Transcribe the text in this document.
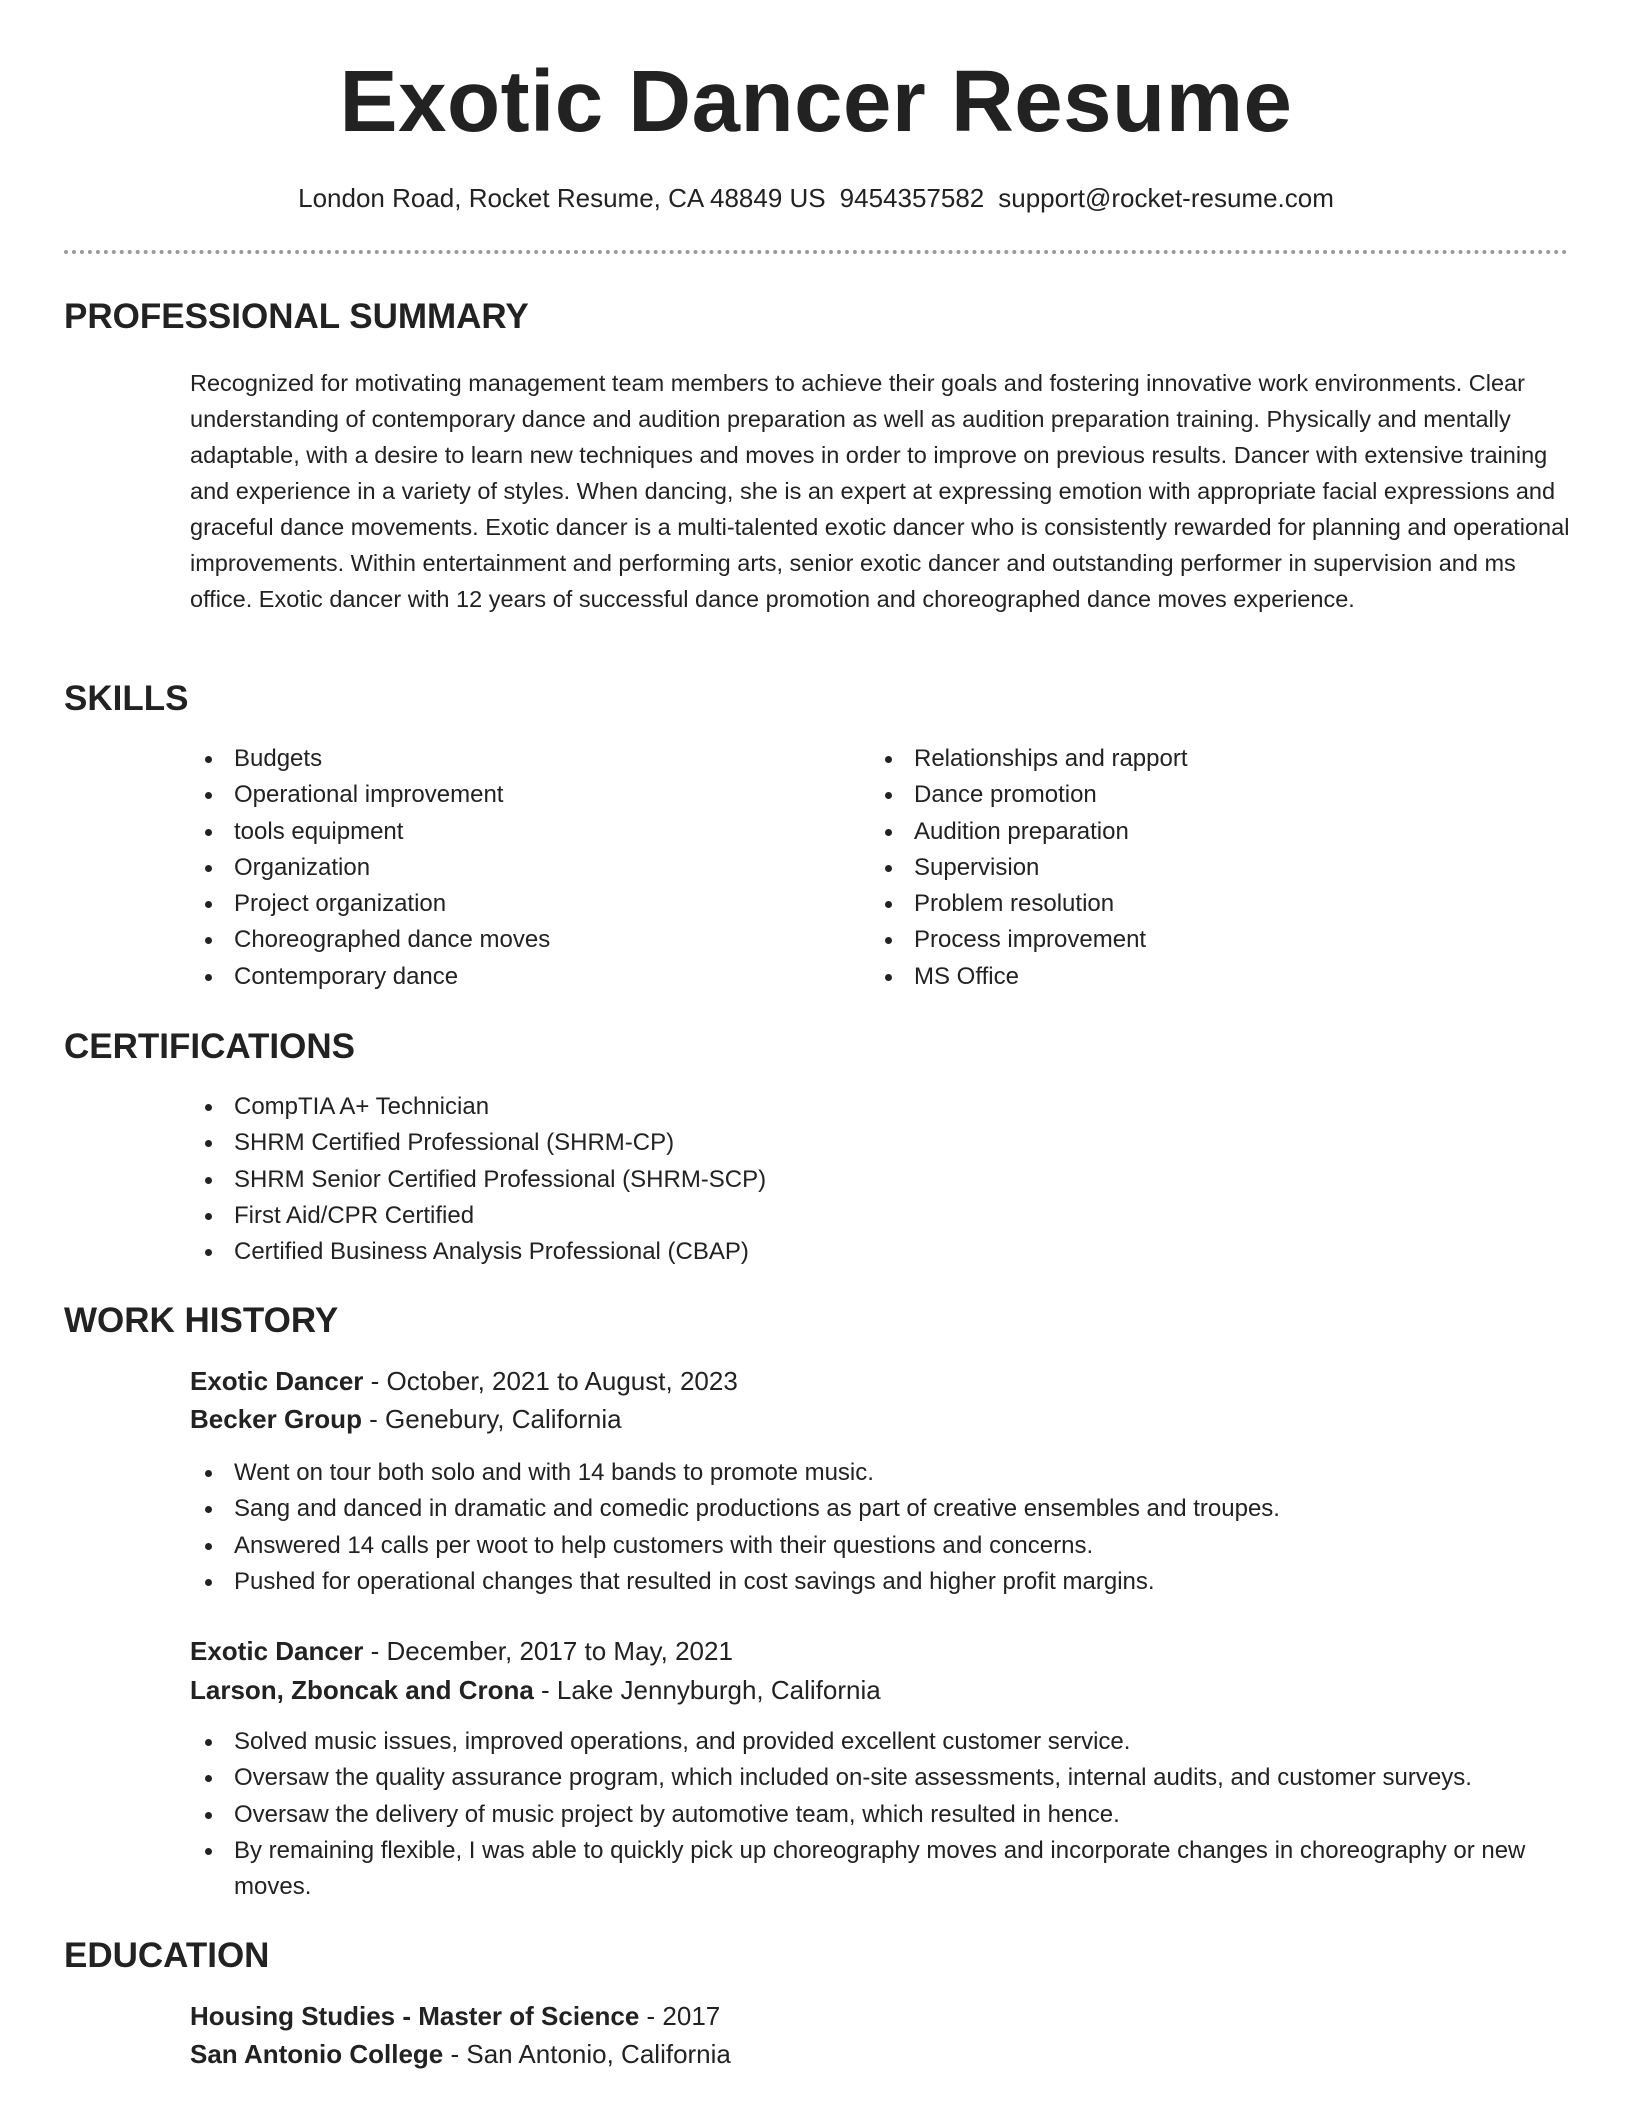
Exotic Dancer Resume
London Road, Rocket Resume, CA 48849 US 9454357582 support@rocket-resume.com
PROFESSIONAL SUMMARY

Recognized for motivating management team members to achieve their goals and fostering innovative work environments. Clear understanding of contemporary dance and audition preparation as well as audition preparation training. Physically and mentally adaptable, with a desire to learn new techniques and moves in order to improve on previous results. Dancer with extensive training and experience in a variety of styles. When dancing, she is an expert at expressing emotion with appropriate facial expressions and graceful dance movements. Exotic dancer is a multi-talented exotic dancer who is consistently rewarded for planning and operational improvements. Within entertainment and performing arts, senior exotic dancer and outstanding performer in supervision and ms office. Exotic dancer with 12 years of successful dance promotion and choreographed dance moves experience.

SKILLS
Budgets
Operational improvement
tools equipment
Organization
Project organization
Choreographed dance moves
Contemporary dance
Relationships and rapport
Dance promotion
Audition preparation
Supervision
Problem resolution
Process improvement
MS Office
CERTIFICATIONS
CompTIA A+ Technician
SHRM Certified Professional (SHRM-CP)
SHRM Senior Certified Professional (SHRM-SCP)
First Aid/CPR Certified
Certified Business Analysis Professional (CBAP)
WORK HISTORY
Exotic Dancer - October, 2021 to August, 2023
Becker Group - Genebury, California
Went on tour both solo and with 14 bands to promote music.
Sang and danced in dramatic and comedic productions as part of creative ensembles and troupes.
Answered 14 calls per woot to help customers with their questions and concerns.
Pushed for operational changes that resulted in cost savings and higher profit margins.
Exotic Dancer - December, 2017 to May, 2021
Larson, Zboncak and Crona - Lake Jennyburgh, California
Solved music issues, improved operations, and provided excellent customer service.
Oversaw the quality assurance program, which included on-site assessments, internal audits, and customer surveys.
Oversaw the delivery of music project by automotive team, which resulted in hence.
By remaining flexible, I was able to quickly pick up choreography moves and incorporate changes in choreography or new moves.
EDUCATION
Housing Studies - Master of Science - 2017
San Antonio College - San Antonio, California
